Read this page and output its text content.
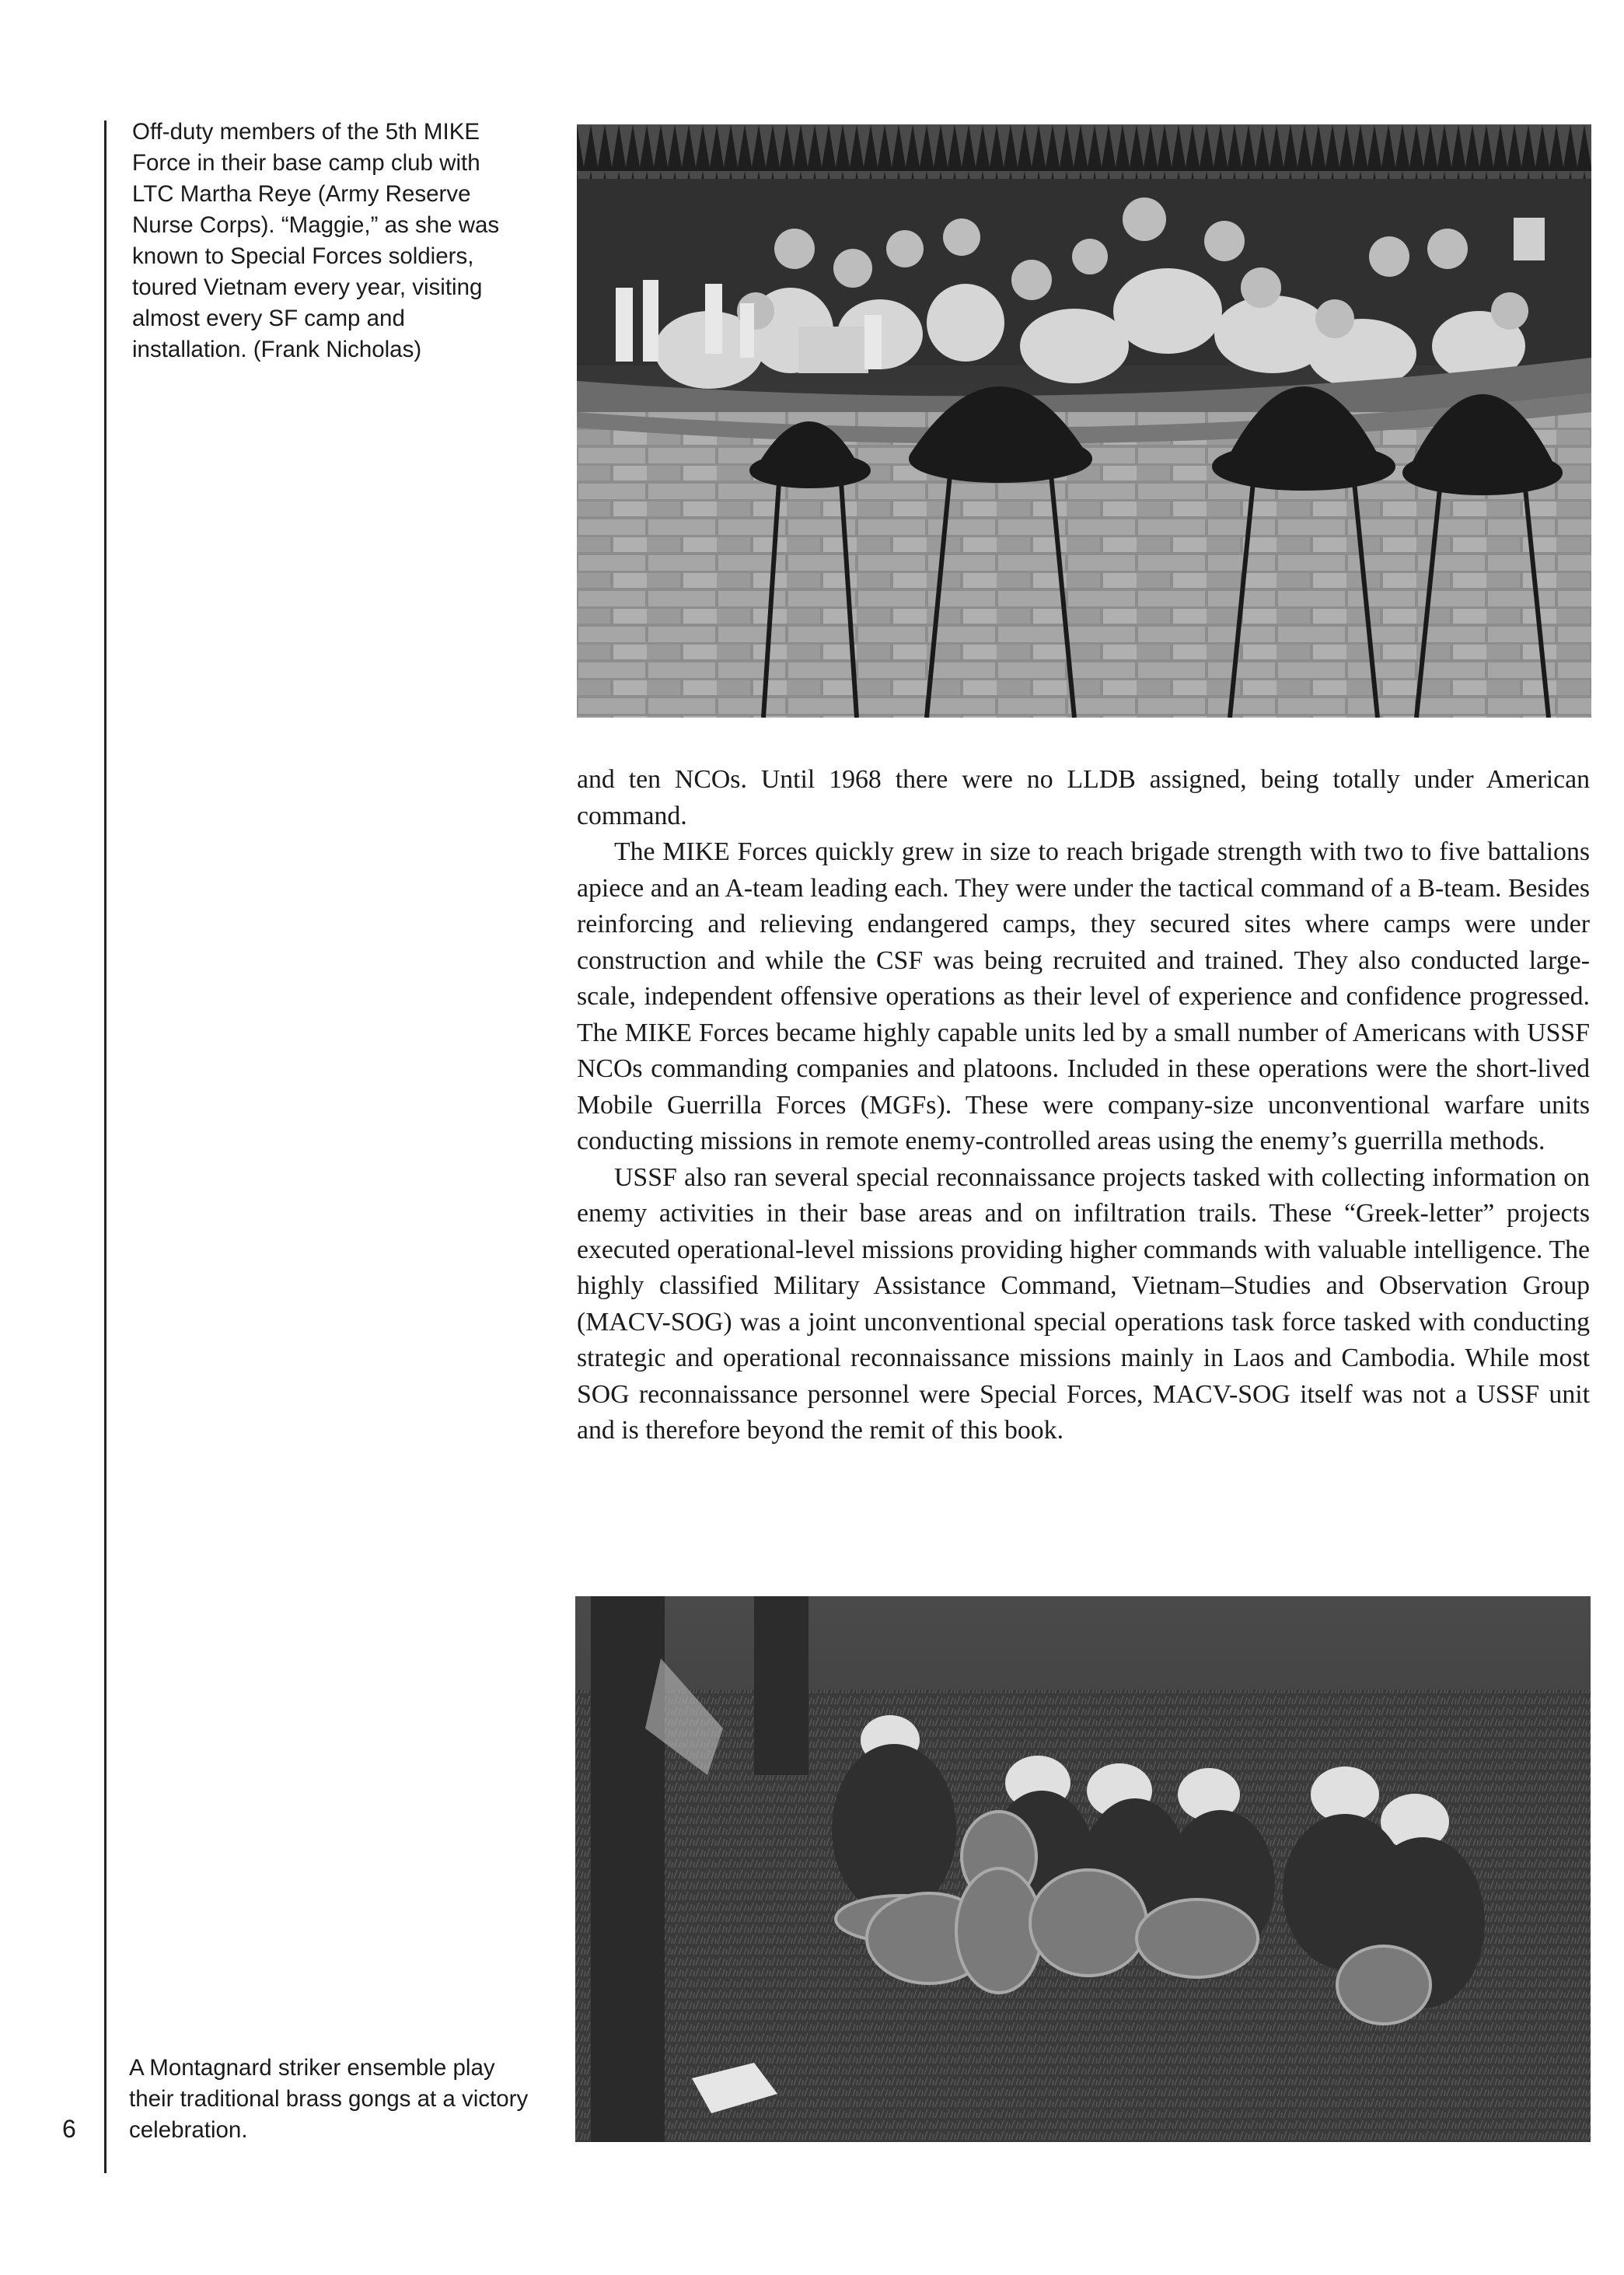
Off-duty members of the 5th MIKE Force in their base camp club with LTC Martha Reye (Army Reserve Nurse Corps). “Maggie,” as she was known to Special Forces soldiers, toured Vietnam every year, visiting almost every SF camp and installation. (Frank Nicholas)

and ten NCOs. Until 1968 there were no LLDB assigned, being totally under American command.

The MIKE Forces quickly grew in size to reach brigade strength with two to five battalions apiece and an A-team leading each. They were under the tactical command of a B-team. Besides reinforcing and relieving endangered camps, they secured sites where camps were under construction and while the CSF was being recruited and trained. They also conducted large-scale, independent offensive operations as their level of experience and confidence progressed. The MIKE Forces became highly capable units led by a small number of Americans with USSF NCOs commanding companies and platoons. Included in these operations were the short-lived Mobile Guerrilla Forces (MGFs). These were company-size unconventional warfare units conducting missions in remote enemy-controlled areas using the enemy’s guerrilla methods.

USSF also ran several special reconnaissance projects tasked with collecting information on enemy activities in their base areas and on infiltration trails. These “Greek-letter” projects executed operational-level missions providing higher commands with valuable intelligence. The highly classified Military Assistance Command, Vietnam–Studies and Observation Group (MACV-SOG) was a joint unconventional special operations task force tasked with conducting strategic and operational reconnaissance missions mainly in Laos and Cambodia. While most SOG reconnaissance personnel were Special Forces, MACV-SOG itself was not a USSF unit and is therefore beyond the remit of this book.

A Montagnard striker ensemble play their traditional brass gongs at a victory celebration.
6
